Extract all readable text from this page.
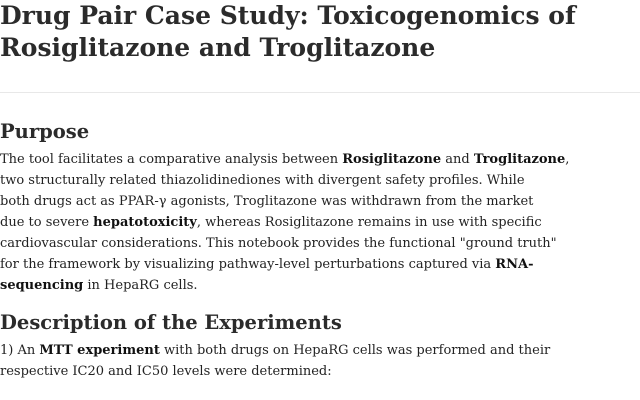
Drug Pair Case Study: Toxicogenomics of
Rosiglitazone and Troglitazone
Purpose
The tool facilitates a comparative analysis between Rosiglitazone and Troglitazone,
two structurally related thiazolidinediones with divergent safety profiles. While
both drugs act as PPAR-γ agonists, Troglitazone was withdrawn from the market
due to severe hepatotoxicity, whereas Rosiglitazone remains in use with specific
cardiovascular considerations. This notebook provides the functional "ground truth"
for the framework by visualizing pathway-level perturbations captured via RNA-
sequencing in HepaRG cells.
Description of the Experiments
1) An MTT experiment with both drugs on HepaRG cells was performed and their
respective IC20 and IC50 levels were determined:
